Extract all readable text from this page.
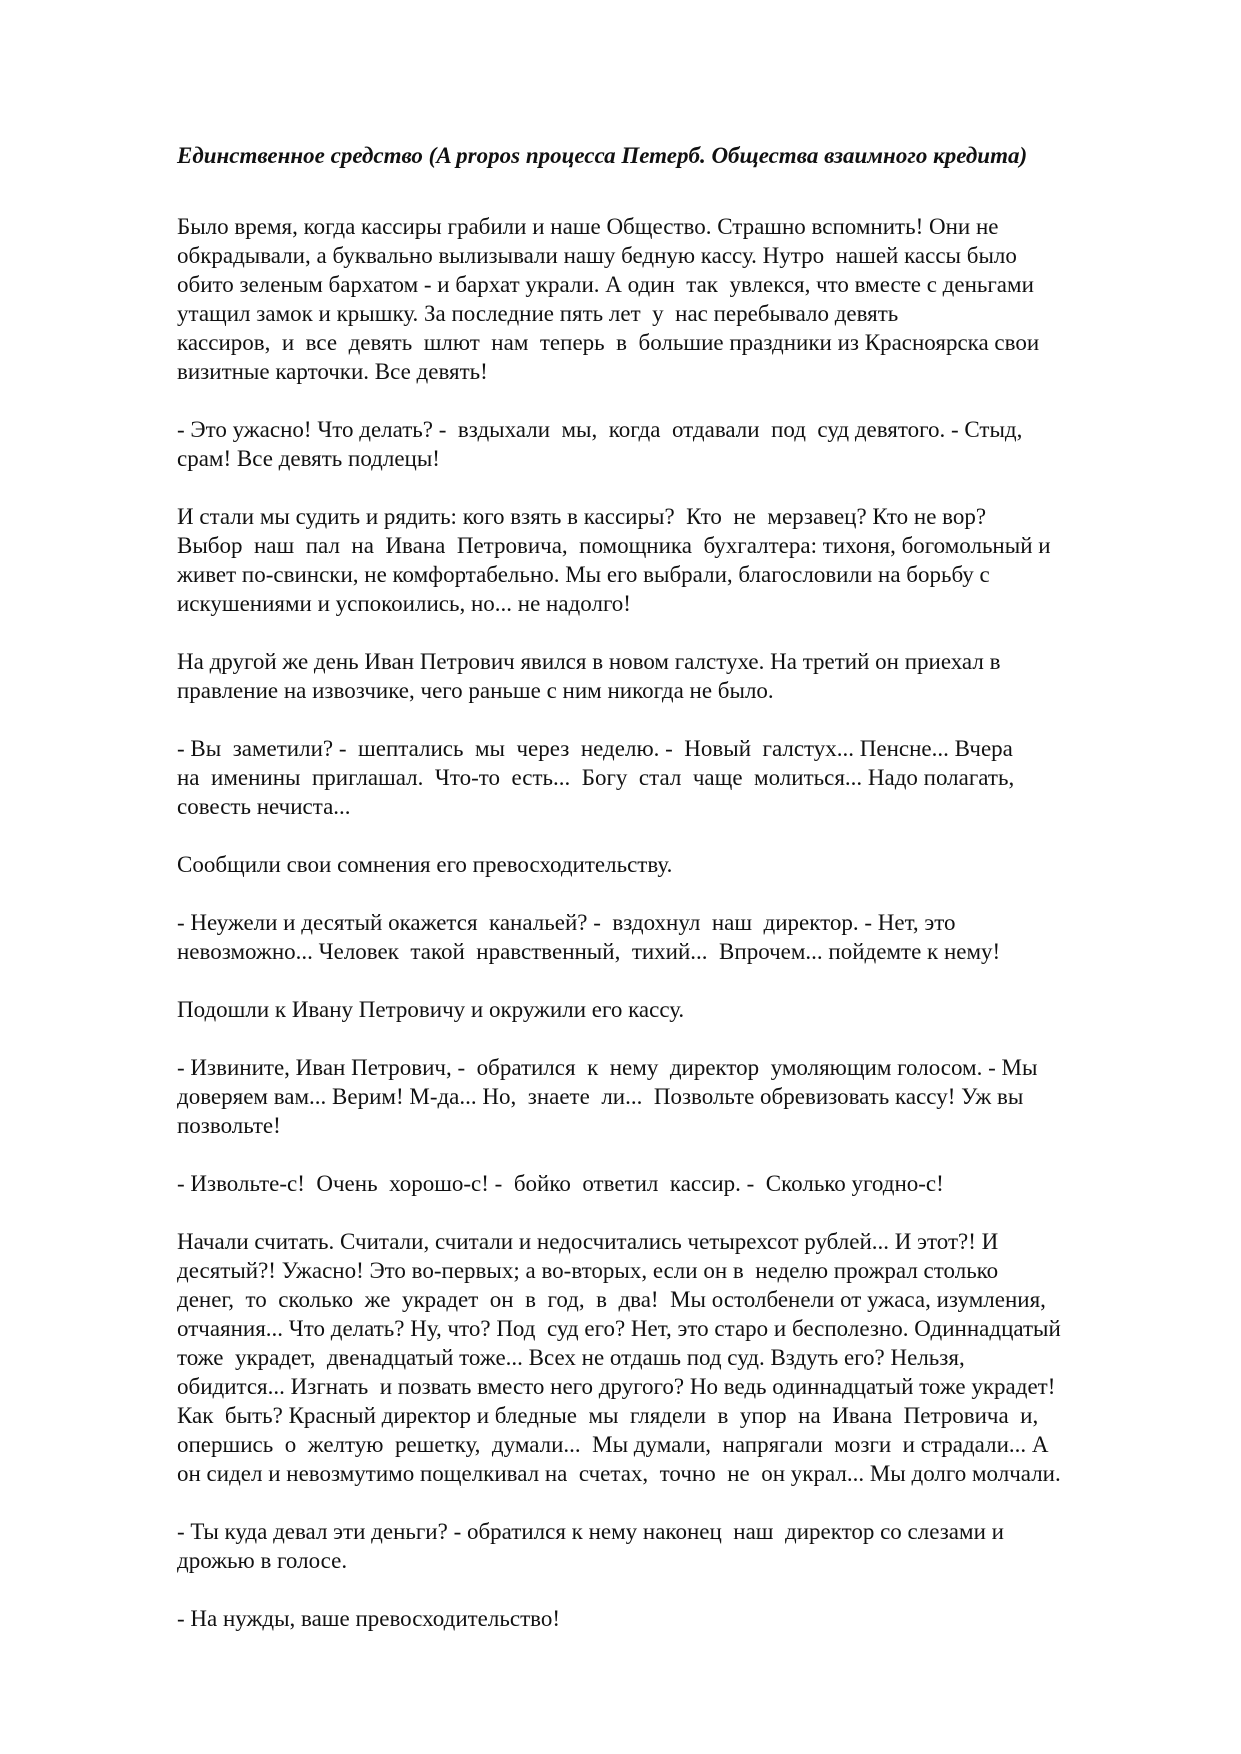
Единственное средство (A propos процесса Петерб. Общества взаимного кредита)
Было время, когда кассиры грабили и наше Общество. Страшно вспомнить! Они не
обкрадывали, а буквально вылизывали нашу бедную кассу. Нутро  нашей кассы было
обито зеленым бархатом - и бархат украли. А один  так  увлекся, что вместе с деньгами
утащил замок и крышку. За последние пять лет  у  нас перебывало девять
кассиров,  и  все  девять  шлют  нам  теперь  в  большие праздники из Красноярска свои
визитные карточки. Все девять!
- Это ужасно! Что делать? -  вздыхали  мы,  когда  отдавали  под  суд девятого. - Стыд,
срам! Все девять подлецы!
И стали мы судить и рядить: кого взять в кассиры?  Кто  не  мерзавец? Кто не вор?
Выбор  наш  пал  на  Ивана  Петровича,  помощника  бухгалтера: тихоня, богомольный и
живет по-свински, не комфортабельно. Мы его выбрали, благословили на борьбу с
искушениями и успокоились, но... не надолго!
На другой же день Иван Петрович явился в новом галстухе. На третий он приехал в
правление на извозчике, чего раньше с ним никогда не было.
- Вы  заметили? -  шептались  мы  через  неделю. -  Новый  галстух... Пенсне... Вчера
на  именины  приглашал.  Что-то  есть...  Богу  стал  чаще  молиться... Надо полагать,
совесть нечиста...
Сообщили свои сомнения его превосходительству.
- Неужели и десятый окажется  канальей? -  вздохнул  наш  директор. - Нет, это
невозможно... Человек  такой  нравственный,  тихий...  Впрочем... пойдемте к нему!
Подошли к Ивану Петровичу и окружили его кассу.
- Извините, Иван Петрович, -  обратился  к  нему  директор  умоляющим голосом. - Мы
доверяем вам... Верим! М-да... Но,  знаете  ли...  Позвольте обревизовать кассу! Уж вы
позвольте!
- Извольте-с!  Очень  хорошо-с! -  бойко  ответил  кассир. -  Сколько угодно-с!
Начали считать. Считали, считали и недосчитались четырехсот рублей... И этот?! И
десятый?! Ужасно! Это во-первых; а во-вторых, если он в  неделю прожрал столько
денег,  то  сколько  же  украдет  он  в  год,  в  два!  Мы остолбенели от ужаса, изумления,
отчаяния... Что делать? Ну, что? Под  суд его? Нет, это старо и бесполезно. Одиннадцатый
тоже  украдет,  двенадцатый тоже... Всех не отдашь под суд. Вздуть его? Нельзя,
обидится... Изгнать  и позвать вместо него другого? Но ведь одиннадцатый тоже украдет!
Как  быть? Красный директор и бледные  мы  глядели  в  упор  на  Ивана  Петровича  и,
опершись  о  желтую  решетку,  думали...  Мы думали,  напрягали  мозги  и страдали... А
он сидел и невозмутимо пощелкивал на  счетах,  точно  не  он украл... Мы долго молчали.
- Ты куда девал эти деньги? - обратился к нему наконец  наш  директор со слезами и
дрожью в голосе.
- На нужды, ваше превосходительство!
